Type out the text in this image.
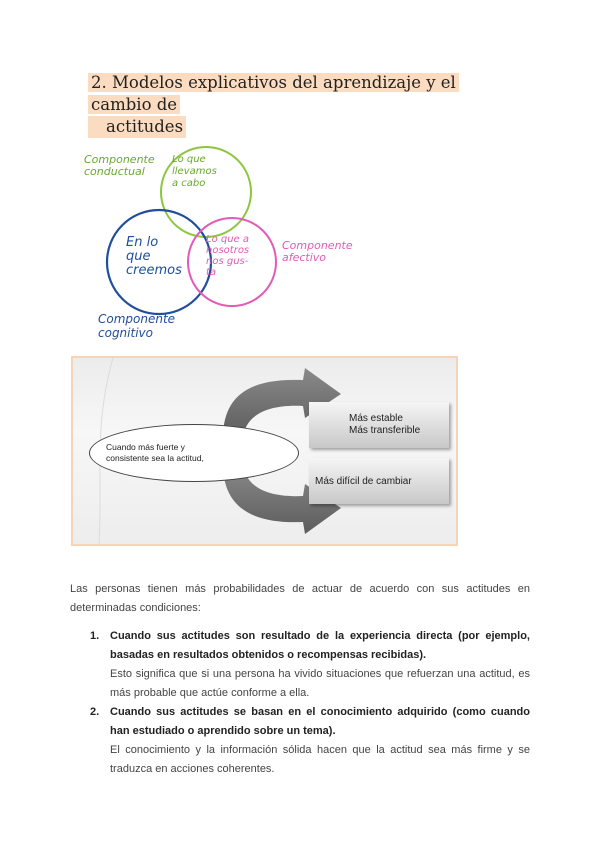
2. Modelos explicativos del aprendizaje y el cambio de
actitudes
Componente
conductual
Componente
afectivo
Componente
cognitivo
Lo que
llevamos
a cabo
En lo
que
creemos
Lo que a
nosotros
nos gus-
ta
Cuando más fuerte y
consistente sea la actitud,
Más estable
Más transferible
Más difícil de cambiar
Las personas tienen más probabilidades de actuar de acuerdo con sus actitudes en determinadas condiciones:
1. Cuando sus actitudes son resultado de la experiencia directa (por ejemplo, basadas en resultados obtenidos o recompensas recibidas).
Esto significa que si una persona ha vivido situaciones que refuerzan una actitud, es más probable que actúe conforme a ella.
2. Cuando sus actitudes se basan en el conocimiento adquirido (como cuando han estudiado o aprendido sobre un tema).
El conocimiento y la información sólida hacen que la actitud sea más firme y se traduzca en acciones coherentes.
